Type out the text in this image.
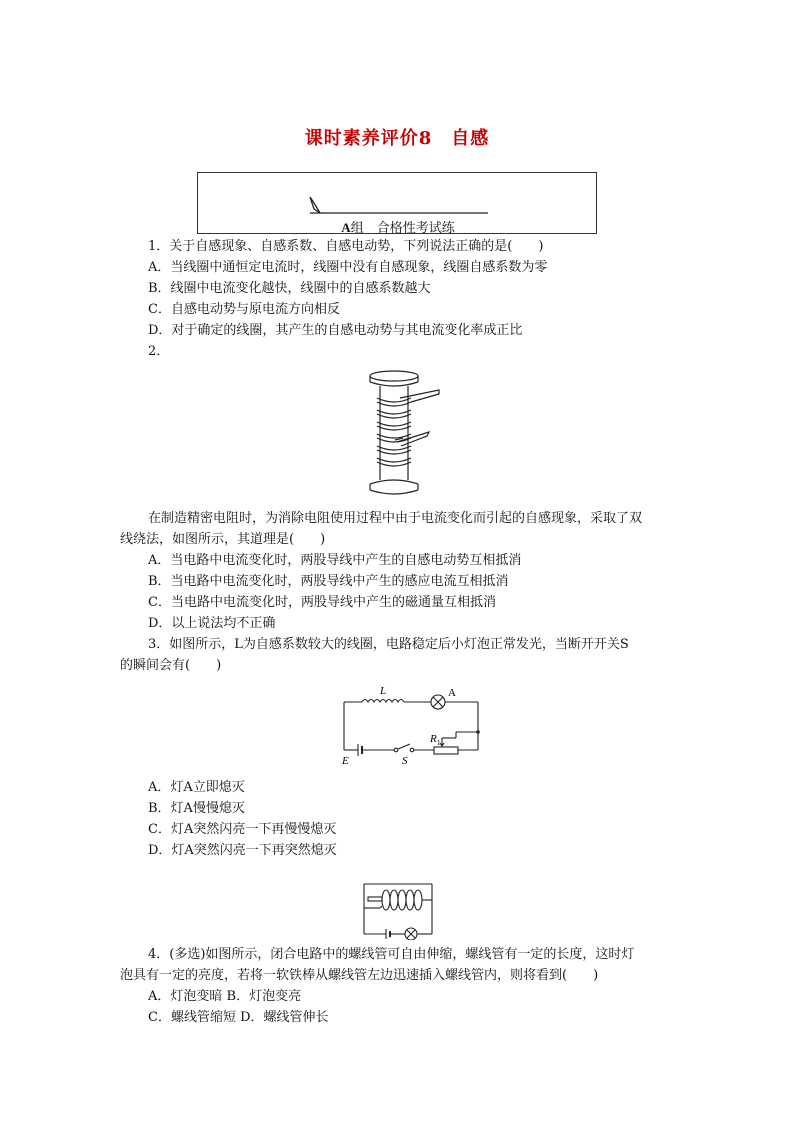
课时素养评价8　自感
A组　合格性考试练
1．关于自感现象、自感系数、自感电动势，下列说法正确的是(　　)
A．当线圈中通恒定电流时，线圈中没有自感现象，线圈自感系数为零
B．线圈中电流变化越快，线圈中的自感系数越大
C．自感电动势与原电流方向相反
D．对于确定的线圈，其产生的自感电动势与其电流变化率成正比
2．
在制造精密电阻时，为消除电阻使用过程中由于电流变化而引起的自感现象，采取了双
线绕法，如图所示，其道理是(　　)
A．当电路中电流变化时，两股导线中产生的自感电动势互相抵消
B．当电路中电流变化时，两股导线中产生的感应电流互相抵消
C．当电路中电流变化时，两股导线中产生的磁通量互相抵消
D．以上说法均不正确
3．如图所示，L为自感系数较大的线圈，电路稳定后小灯泡正常发光，当断开开关S
的瞬间会有(　　)
L	A
R 1
E	S
A．灯A立即熄灭
B．灯A慢慢熄灭
C．灯A突然闪亮一下再慢慢熄灭
D．灯A突然闪亮一下再突然熄灭
4．(多选)如图所示，闭合电路中的螺线管可自由伸缩，螺线管有一定的长度，这时灯
泡具有一定的亮度，若将一软铁棒从螺线管左边迅速插入螺线管内，则将看到(　　)
A．灯泡变暗 B．灯泡变亮
C．螺线管缩短 D．螺线管伸长
